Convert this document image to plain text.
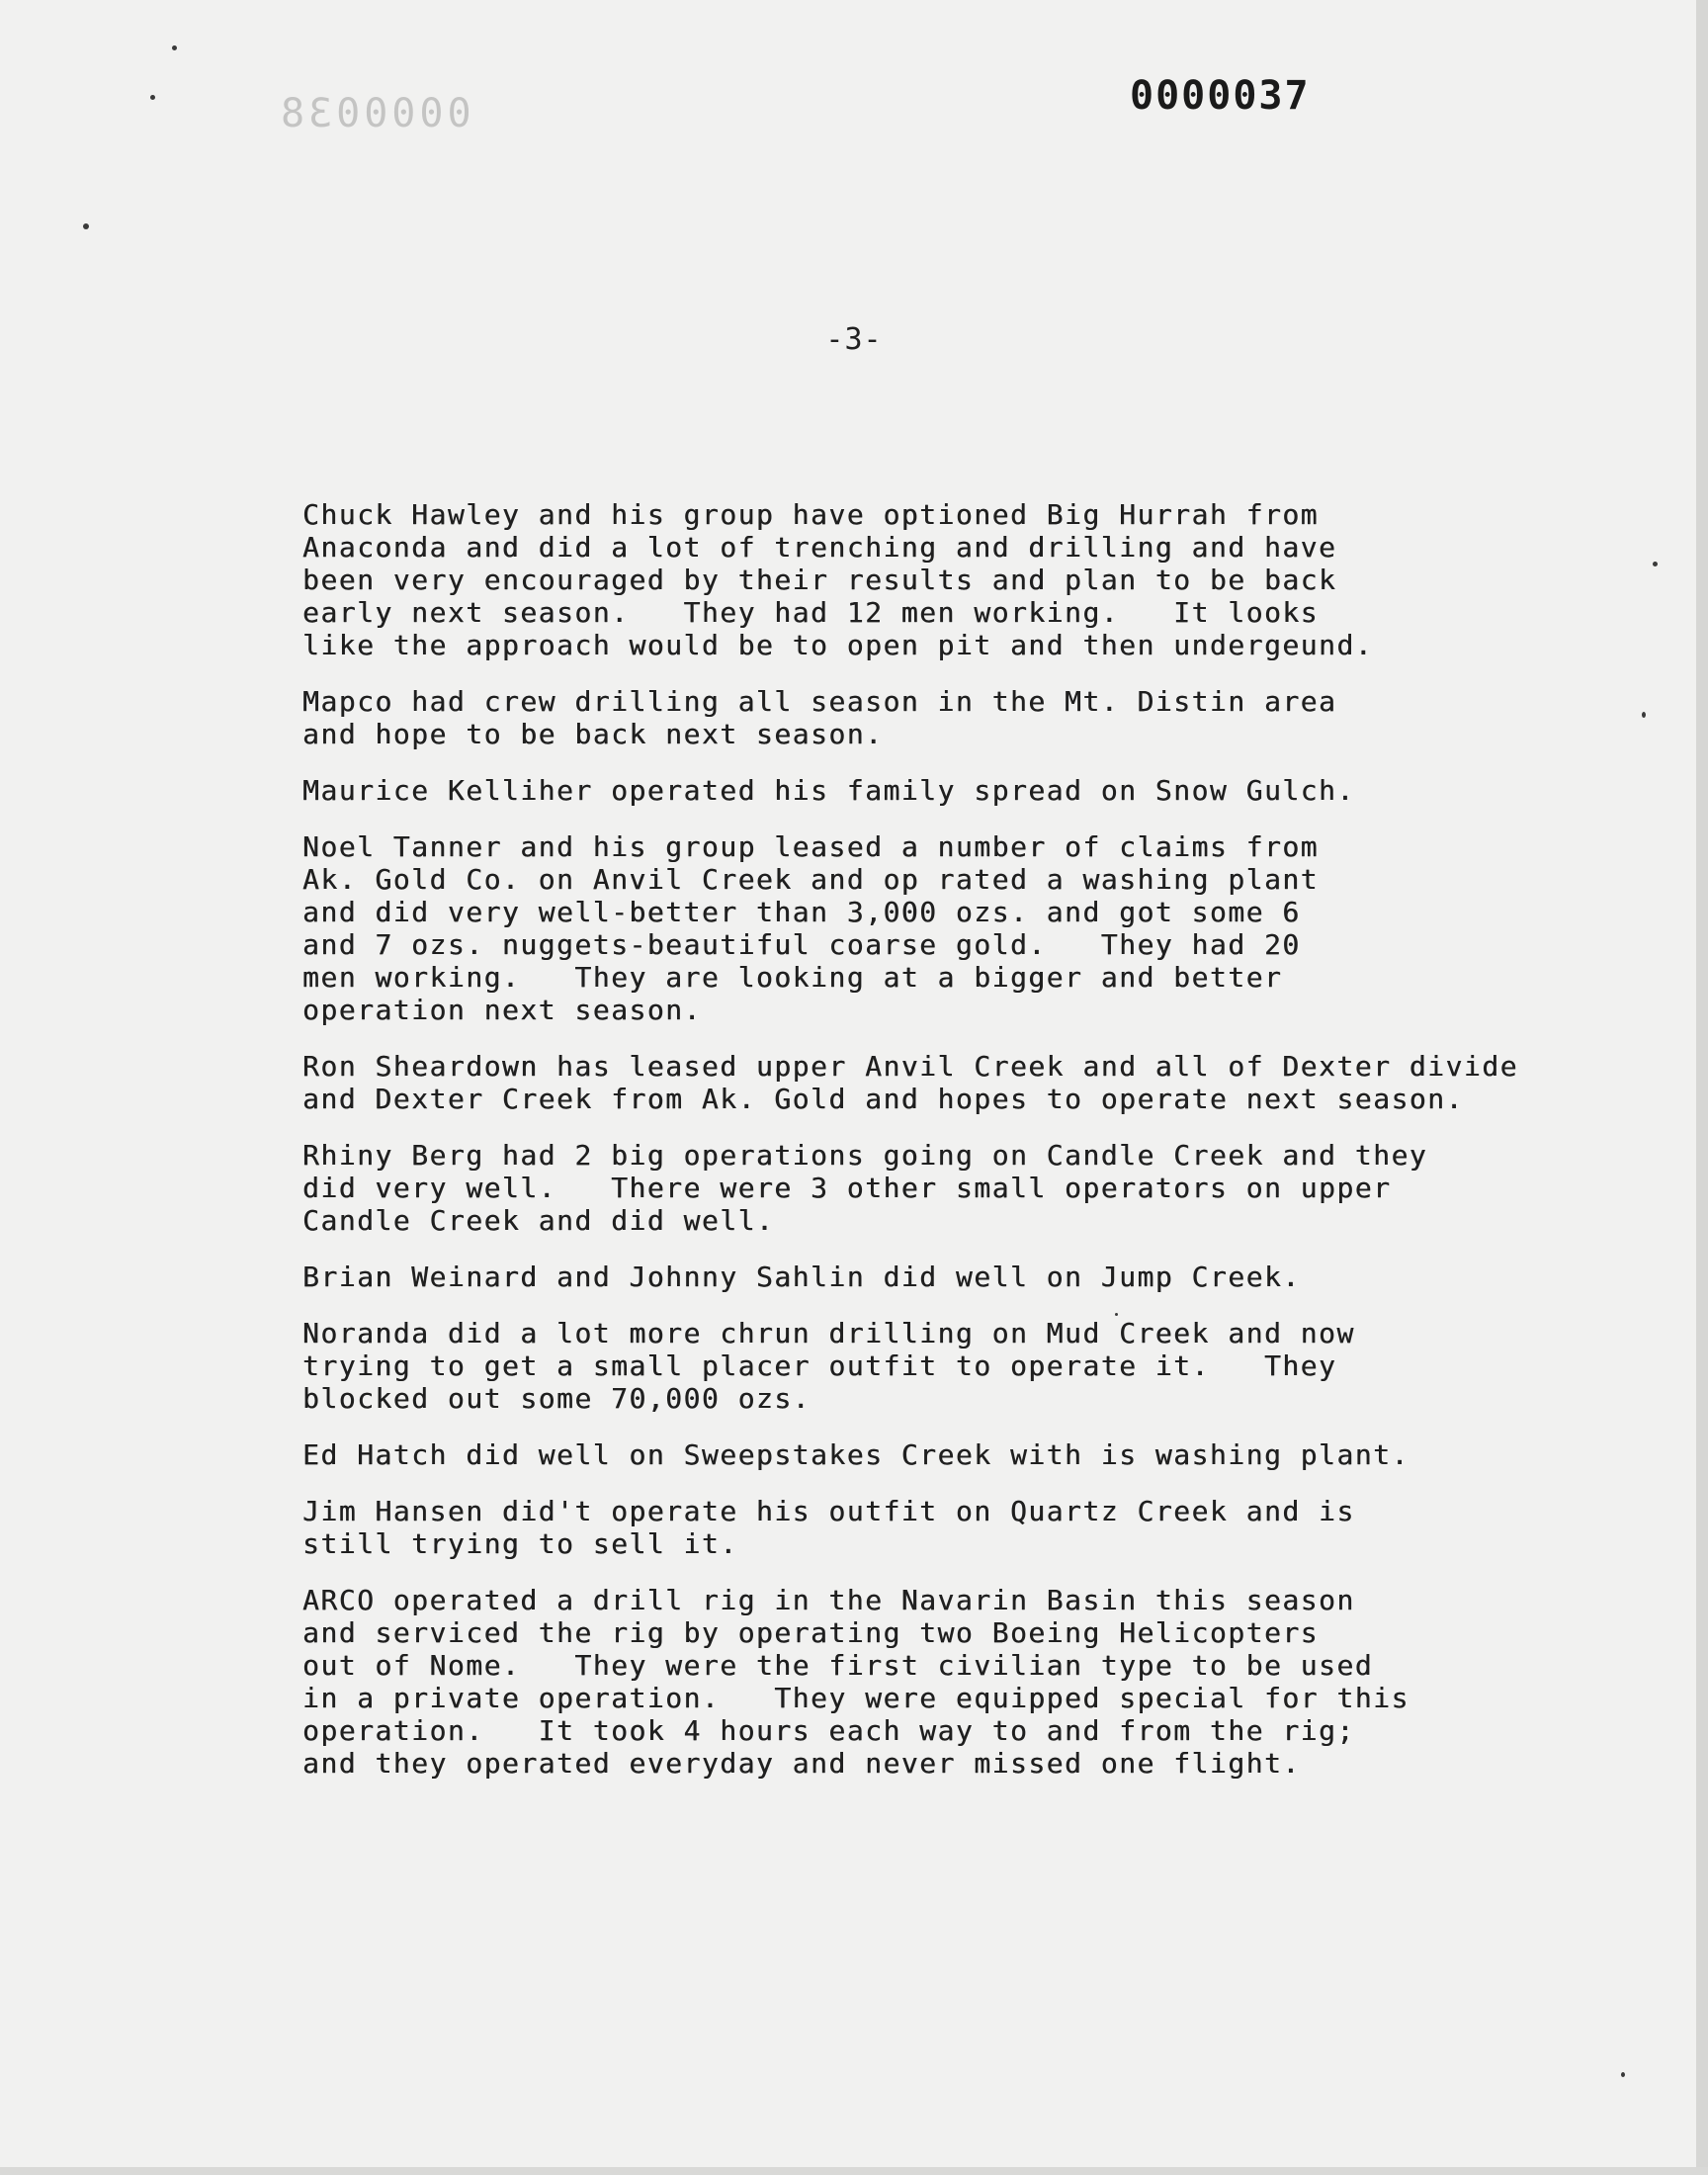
0000038	0000037
-3-
Chuck Hawley and his group have optioned Big Hurrah from
Anaconda and did a lot of trenching and drilling and have
been very encouraged by their results and plan to be back
early next season.   They had 12 men working.   It looks
like the approach would be to open pit and then undergeund.
Mapco had crew drilling all season in the Mt. Distin area
and hope to be back next season.
Maurice Kelliher operated his family spread on Snow Gulch.
Noel Tanner and his group leased a number of claims from
Ak. Gold Co. on Anvil Creek and op rated a washing plant
and did very well-better than 3,000 ozs. and got some 6
and 7 ozs. nuggets-beautiful coarse gold.   They had 20
men working.   They are looking at a bigger and better
operation next season.
Ron Sheardown has leased upper Anvil Creek and all of Dexter divide
and Dexter Creek from Ak. Gold and hopes to operate next season.
Rhiny Berg had 2 big operations going on Candle Creek and they
did very well.   There were 3 other small operators on upper
Candle Creek and did well.
Brian Weinard and Johnny Sahlin did well on Jump Creek.
Noranda did a lot more chrun drilling on Mud Creek and now
trying to get a small placer outfit to operate it.   They
blocked out some 70,000 ozs.
Ed Hatch did well on Sweepstakes Creek with is washing plant.
Jim Hansen did't operate his outfit on Quartz Creek and is
still trying to sell it.
ARCO operated a drill rig in the Navarin Basin this season
and serviced the rig by operating two Boeing Helicopters
out of Nome.   They were the first civilian type to be used
in a private operation.   They were equipped special for this
operation.   It took 4 hours each way to and from the rig;
and they operated everyday and never missed one flight.
